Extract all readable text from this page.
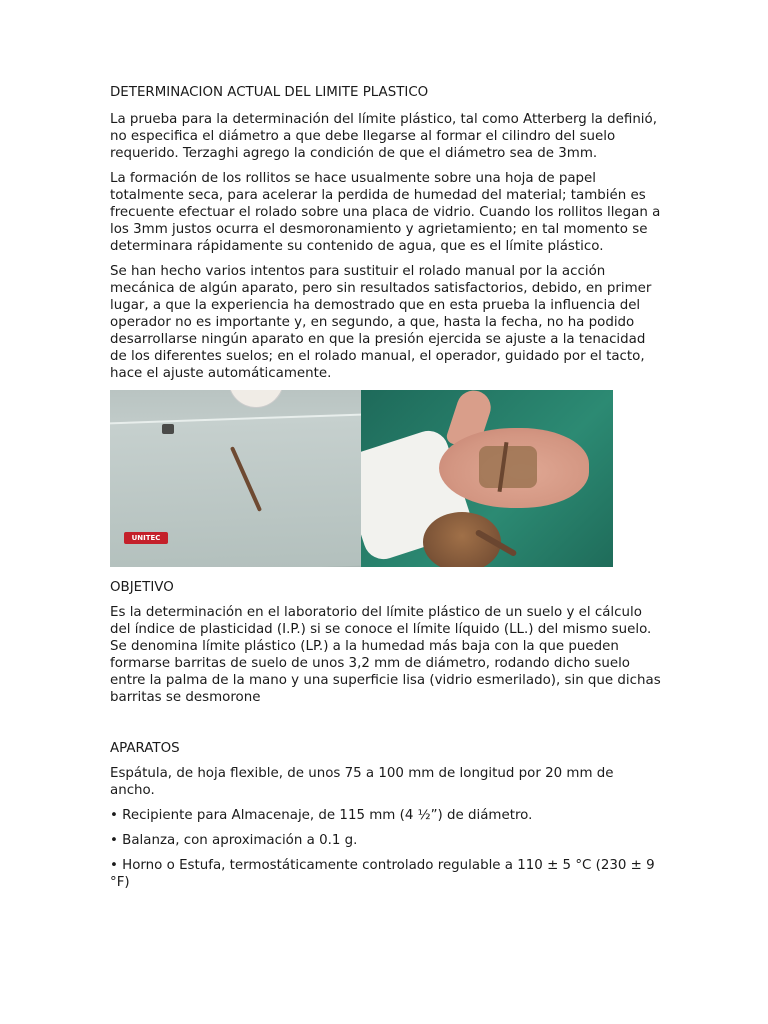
DETERMINACION ACTUAL DEL LIMITE PLASTICO

La prueba para la determinación del límite plástico, tal como Atterberg la definió, no especifica el diámetro a que debe llegarse al formar el cilindro del suelo requerido. Terzaghi agrego la condición de que el diámetro sea de 3mm.

La formación de los rollitos se hace usualmente sobre una hoja de papel totalmente seca, para acelerar la perdida de humedad del material; también es frecuente efectuar el rolado sobre una placa de vidrio. Cuando los rollitos llegan a los 3mm justos ocurra el desmoronamiento y agrietamiento; en tal momento se determinara rápidamente su contenido de agua, que es el límite plástico.

Se han hecho varios intentos para sustituir el rolado manual por la acción mecánica de algún aparato, pero sin resultados satisfactorios, debido, en primer lugar, a que la experiencia ha demostrado que en esta prueba la influencia del operador no es importante y, en segundo, a que, hasta la fecha, no ha podido desarrollarse ningún aparato en que la presión ejercida se ajuste a la tenacidad de los diferentes suelos; en el rolado manual, el operador, guidado por el tacto, hace el ajuste automáticamente.

UNITEC

OBJETIVO

Es la determinación en el laboratorio del límite plástico de un suelo y el cálculo del índice de plasticidad (I.P.) si se conoce el límite líquido (LL.) del mismo suelo. Se denomina límite plástico (LP.) a la humedad más baja con la que pueden formarse barritas de suelo de unos 3,2 mm de diámetro, rodando dicho suelo entre la palma de la mano y una superficie lisa (vidrio esmerilado), sin que dichas barritas se desmorone

APARATOS

Espátula, de hoja flexible, de unos 75 a 100 mm de longitud por 20 mm de ancho.

• Recipiente para Almacenaje, de 115 mm (4 ½”) de diámetro.

• Balanza, con aproximación a 0.1 g.

• Horno o Estufa, termostáticamente controlado regulable a 110 ± 5 °C (230 ± 9 °F)
